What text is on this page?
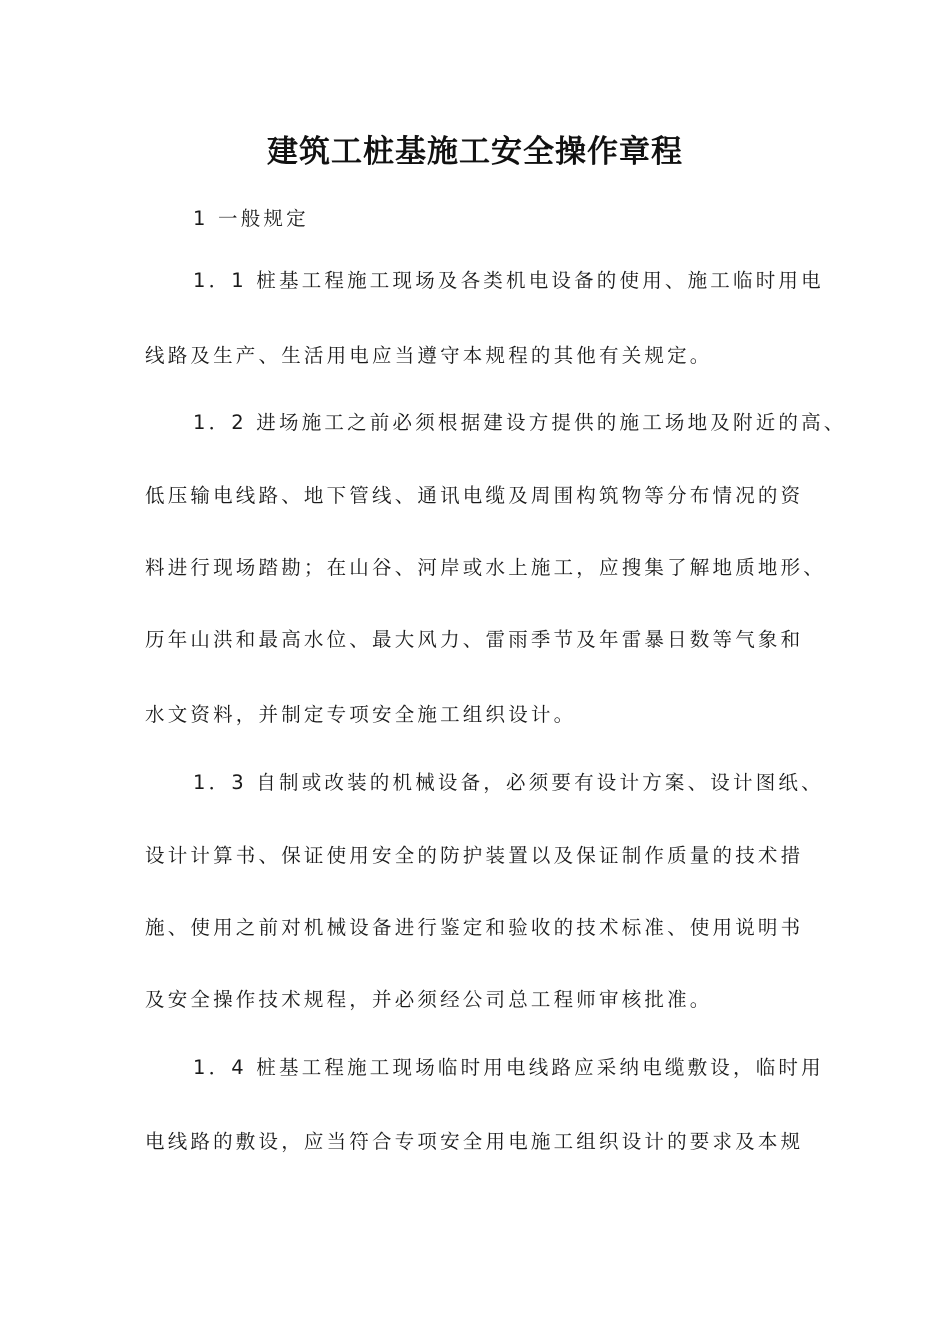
建筑工桩基施工安全操作章程
1 一般规定
1．1 桩基工程施工现场及各类机电设备的使用、施工临时用电
线路及生产、生活用电应当遵守本规程的其他有关规定。
1．2 进场施工之前必须根据建设方提供的施工场地及附近的高、
低压输电线路、地下管线、通讯电缆及周围构筑物等分布情况的资
料进行现场踏勘；在山谷、河岸或水上施工，应搜集了解地质地形、
历年山洪和最高水位、最大风力、雷雨季节及年雷暴日数等气象和
水文资料，并制定专项安全施工组织设计。
1．3 自制或改装的机械设备，必须要有设计方案、设计图纸、
设计计算书、保证使用安全的防护装置以及保证制作质量的技术措
施、使用之前对机械设备进行鉴定和验收的技术标准、使用说明书
及安全操作技术规程，并必须经公司总工程师审核批准。
1．4 桩基工程施工现场临时用电线路应采纳电缆敷设，临时用
电线路的敷设，应当符合专项安全用电施工组织设计的要求及本规
